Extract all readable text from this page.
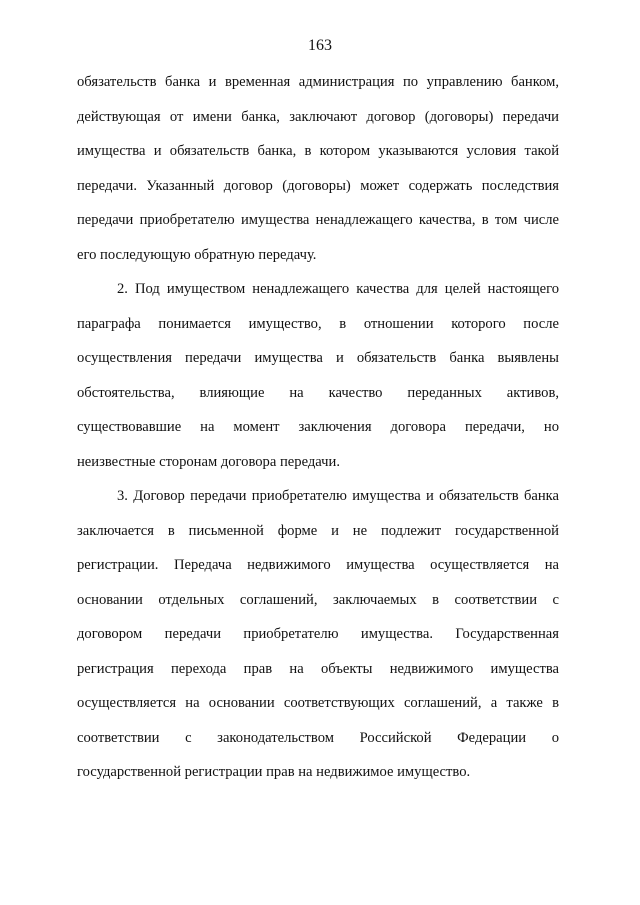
163
обязательств банка и временная администрация по управлению банком,
действующая от имени банка, заключают договор (договоры) передачи
имущества и обязательств банка, в котором указываются условия такой
передачи. Указанный договор (договоры) может содержать последствия
передачи приобретателю имущества ненадлежащего качества, в том числе
его последующую обратную передачу.
2. Под имуществом ненадлежащего качества для целей настоящего
параграфа понимается имущество, в отношении которого после
осуществления передачи имущества и обязательств банка выявлены
обстоятельства, влияющие на качество переданных активов,
существовавшие на момент заключения договора передачи, но
неизвестные сторонам договора передачи.
3. Договор передачи приобретателю имущества и обязательств банка
заключается в письменной форме и не подлежит государственной
регистрации. Передача недвижимого имущества осуществляется на
основании отдельных соглашений, заключаемых в соответствии с
договором передачи приобретателю имущества. Государственная
регистрация перехода прав на объекты недвижимого имущества
осуществляется на основании соответствующих соглашений, а также в
соответствии с законодательством Российской Федерации о
государственной регистрации прав на недвижимое имущество.
